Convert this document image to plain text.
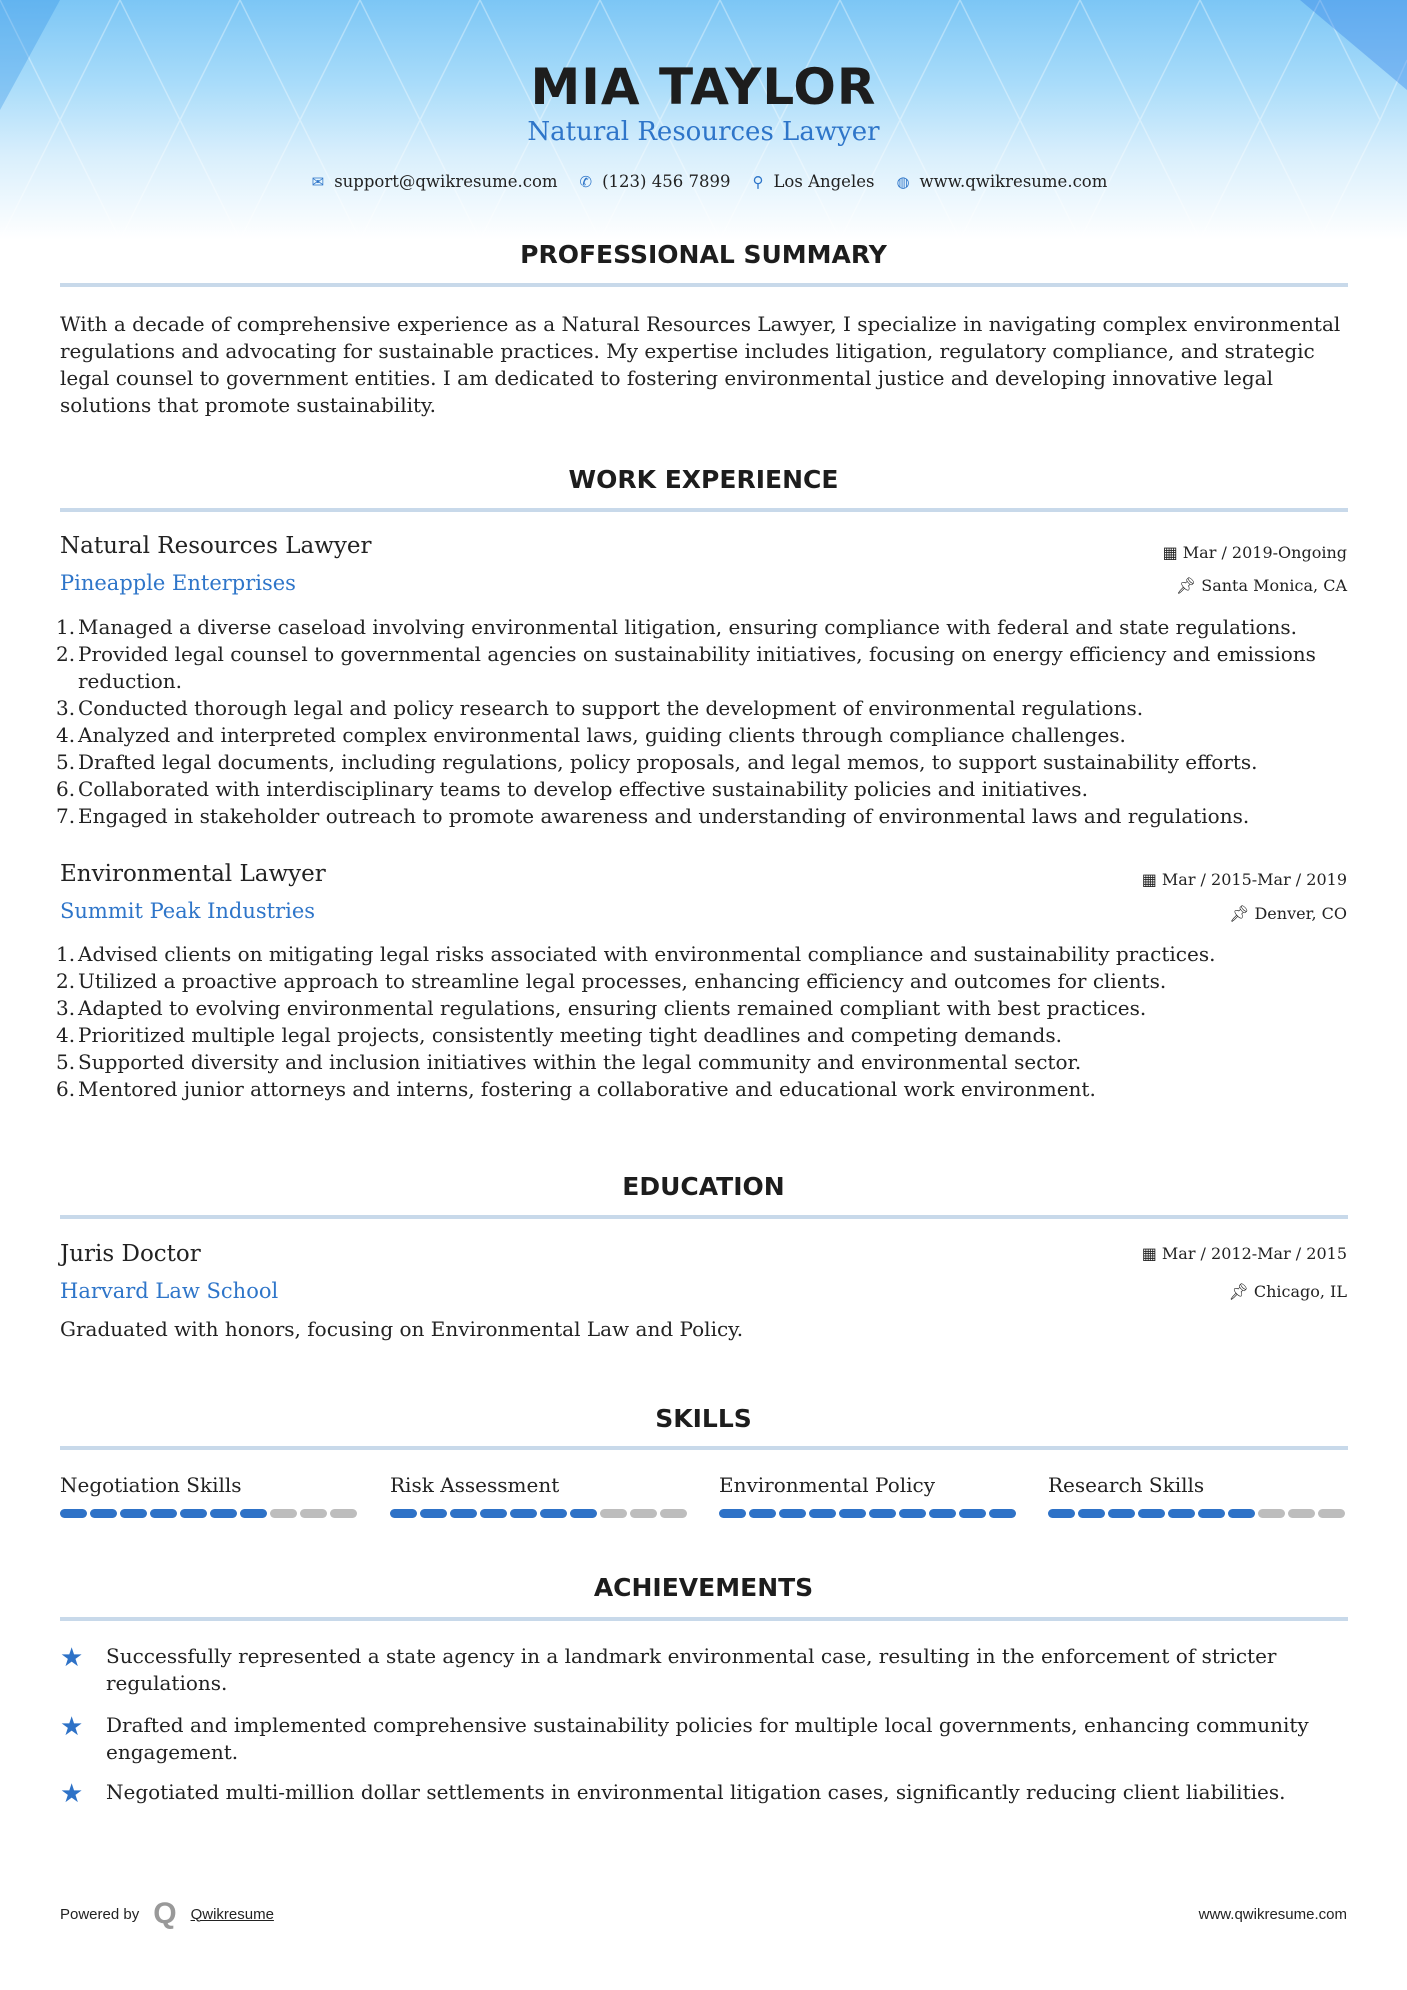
MIA TAYLOR
Natural Resources Lawyer
✉ support@qwikresume.com ✆ (123) 456 7899 ⚲ Los Angeles ◍ www.qwikresume.com
PROFESSIONAL SUMMARY
With a decade of comprehensive experience as a Natural Resources Lawyer, I specialize in navigating complex environmental regulations and advocating for sustainable practices. My expertise includes litigation, regulatory compliance, and strategic legal counsel to government entities. I am dedicated to fostering environmental justice and developing innovative legal solutions that promote sustainability.
WORK EXPERIENCE
Natural Resources Lawyer	▦ Mar / 2019-Ongoing
Pineapple Enterprises	📌︎ Santa Monica, CA
Managed a diverse caseload involving environmental litigation, ensuring compliance with federal and state regulations.
Provided legal counsel to governmental agencies on sustainability initiatives, focusing on energy efficiency and emissions reduction.
Conducted thorough legal and policy research to support the development of environmental regulations.
Analyzed and interpreted complex environmental laws, guiding clients through compliance challenges.
Drafted legal documents, including regulations, policy proposals, and legal memos, to support sustainability efforts.
Collaborated with interdisciplinary teams to develop effective sustainability policies and initiatives.
Engaged in stakeholder outreach to promote awareness and understanding of environmental laws and regulations.
Environmental Lawyer	▦ Mar / 2015-Mar / 2019
Summit Peak Industries	📌︎ Denver, CO
Advised clients on mitigating legal risks associated with environmental compliance and sustainability practices.
Utilized a proactive approach to streamline legal processes, enhancing efficiency and outcomes for clients.
Adapted to evolving environmental regulations, ensuring clients remained compliant with best practices.
Prioritized multiple legal projects, consistently meeting tight deadlines and competing demands.
Supported diversity and inclusion initiatives within the legal community and environmental sector.
Mentored junior attorneys and interns, fostering a collaborative and educational work environment.
EDUCATION
Juris Doctor	▦ Mar / 2012-Mar / 2015
Harvard Law School	📌︎ Chicago, IL
Graduated with honors, focusing on Environmental Law and Policy.
SKILLS
Negotiation Skills	Risk Assessment	Environmental Policy	Research Skills
ACHIEVEMENTS
★	Successfully represented a state agency in a landmark environmental case, resulting in the enforcement of stricter regulations.
★	Drafted and implemented comprehensive sustainability policies for multiple local governments, enhancing community engagement.
★	Negotiated multi-million dollar settlements in environmental litigation cases, significantly reducing client liabilities.
Powered by Q Qwikresume	www.qwikresume.com
